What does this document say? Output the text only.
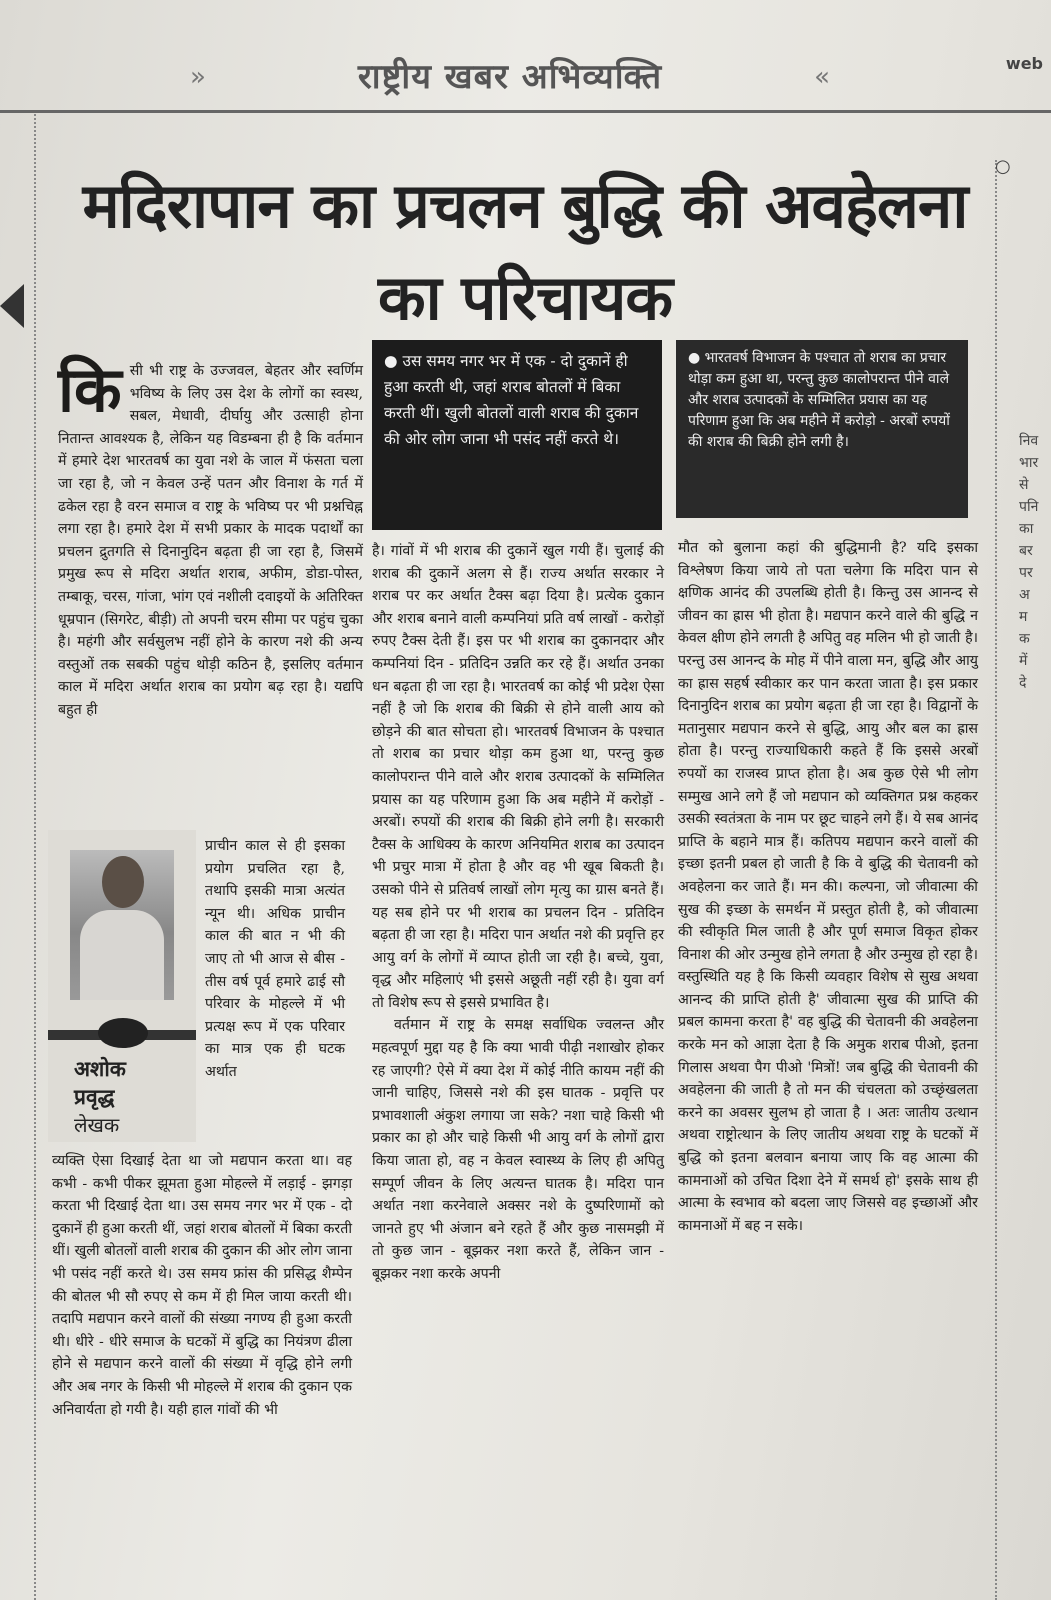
»	राष्ट्रीय खबर अभिव्यक्ति	«	web
○
निव
भार
से
पनि
का
बर
पर
अ
म
क
में
दे
मदिरापान का प्रचलन बुद्धि की अवहेलना का परिचायक
कि सी भी राष्ट्र के उज्जवल, बेहतर और स्वर्णिम भविष्य के लिए उस देश के लोगों का स्वस्थ, सबल, मेधावी, दीर्घायु और उत्साही होना नितान्त आवश्यक है, लेकिन यह विडम्बना ही है कि वर्तमान में हमारे देश भारतवर्ष का युवा नशे के जाल में फंसता चला जा रहा है, जो न केवल उन्हें पतन और विनाश के गर्त में ढकेल रहा है वरन समाज व राष्ट्र के भविष्य पर भी प्रश्नचिह्न लगा रहा है। हमारे देश में सभी प्रकार के मादक पदार्थों का प्रचलन द्रुतगति से दिनानुदिन बढ़ता ही जा रहा है, जिसमें प्रमुख रूप से मदिरा अर्थात शराब, अफीम, डोडा-पोस्त, तम्बाकू, चरस, गांजा, भांग एवं नशीली दवाइयों के अतिरिक्त धूम्रपान (सिगरेट, बीड़ी) तो अपनी चरम सीमा पर पहुंच चुका है। महंगी और सर्वसुलभ नहीं होने के कारण नशे की अन्य वस्तुओं तक सबकी पहुंच थोड़ी कठिन है, इसलिए वर्तमान काल में मदिरा अर्थात शराब का प्रयोग बढ़ रहा है। यद्यपि बहुत ही

अशोक
प्रवृद्ध
लेखक

प्राचीन काल से ही इसका प्रयोग प्रचलित रहा है, तथापि इसकी मात्रा अत्यंत न्यून थी। अधिक प्राचीन काल की बात न भी की जाए तो भी आज से बीस - तीस वर्ष पूर्व हमारे ढाई सौ परिवार के मोहल्ले में भी प्रत्यक्ष रूप में एक परिवार का मात्र एक ही घटक अर्थात

व्यक्ति ऐसा दिखाई देता था जो मद्यपान करता था। वह कभी - कभी पीकर झूमता हुआ मोहल्ले में लड़ाई - झगड़ा करता भी दिखाई देता था। उस समय नगर भर में एक - दो दुकानें ही हुआ करती थीं, जहां शराब बोतलों में बिका करती थीं। खुली बोतलों वाली शराब की दुकान की ओर लोग जाना भी पसंद नहीं करते थे। उस समय फ्रांस की प्रसिद्ध शैम्पेन की बोतल भी सौ रुपए से कम में ही मिल जाया करती थी। तदापि मद्यपान करने वालों की संख्या नगण्य ही हुआ करती थी। धीरे - धीरे समाज के घटकों में बुद्धि का नियंत्रण ढीला होने से मद्यपान करने वालों की संख्या में वृद्धि होने लगी और अब नगर के किसी भी मोहल्ले में शराब की दुकान एक अनिवार्यता हो गयी है। यही हाल गांवों की भी

● उस समय नगर भर में एक - दो दुकानें ही हुआ करती थी, जहां शराब बोतलों में बिका करती थीं। खुली बोतलों वाली शराब की दुकान की ओर लोग जाना भी पसंद नहीं करते थे।
● भारतवर्ष विभाजन के पश्चात तो शराब का प्रचार थोड़ा कम हुआ था, परन्तु कुछ कालोपरान्त पीने वाले और शराब उत्पादकों के सम्मिलित प्रयास का यह परिणाम हुआ कि अब महीने में करोड़ो - अरबों रुपयों की शराब की बिक्री होने लगी है।

है। गांवों में भी शराब की दुकानें खुल गयी हैं। चुलाई की शराब की दुकानें अलग से हैं। राज्य अर्थात सरकार ने शराब पर कर अर्थात टैक्स बढ़ा दिया है। प्रत्येक दुकान और शराब बनाने वाली कम्पनियां प्रति वर्ष लाखों - करोड़ों रुपए टैक्स देती हैं। इस पर भी शराब का दुकानदार और कम्पनियां दिन - प्रतिदिन उन्नति कर रहे हैं। अर्थात उनका धन बढ़ता ही जा रहा है। भारतवर्ष का कोई भी प्रदेश ऐसा नहीं है जो कि शराब की बिक्री से होने वाली आय को छोड़ने की बात सोचता हो। भारतवर्ष विभाजन के पश्चात तो शराब का प्रचार थोड़ा कम हुआ था, परन्तु कुछ कालोपरान्त पीने वाले और शराब उत्पादकों के सम्मिलित प्रयास का यह परिणाम हुआ कि अब महीने में करोड़ों - अरबों। रुपयों की शराब की बिक्री होने लगी है। सरकारी टैक्स के आधिक्य के कारण अनियमित शराब का उत्पादन भी प्रचुर मात्रा में होता है और वह भी खूब बिकती है। उसको पीने से प्रतिवर्ष लाखों लोग मृत्यु का ग्रास बनते हैं। यह सब होने पर भी शराब का प्रचलन दिन - प्रतिदिन बढ़ता ही जा रहा है। मदिरा पान अर्थात नशे की प्रवृत्ति हर आयु वर्ग के लोगों में व्याप्त होती जा रही है। बच्चे, युवा, वृद्ध और महिलाएं भी इससे अछूती नहीं रही है। युवा वर्ग तो विशेष रूप से इससे प्रभावित है।

वर्तमान में राष्ट्र के समक्ष सर्वाधिक ज्वलन्त और महत्वपूर्ण मुद्दा यह है कि क्या भावी पीढ़ी नशाखोर होकर रह जाएगी? ऐसे में क्या देश में कोई नीति कायम नहीं की जानी चाहिए, जिससे नशे की इस घातक - प्रवृत्ति पर प्रभावशाली अंकुश लगाया जा सके? नशा चाहे किसी भी प्रकार का हो और चाहे किसी भी आयु वर्ग के लोगों द्वारा किया जाता हो, वह न केवल स्वास्थ्य के लिए ही अपितु सम्पूर्ण जीवन के लिए अत्यन्त घातक है। मदिरा पान अर्थात नशा करनेवाले अक्सर नशे के दुष्परिणामों को जानते हुए भी अंजान बने रहते हैं और कुछ नासमझी में तो कुछ जान - बूझकर नशा करते हैं, लेकिन जान - बूझकर नशा करके अपनी

मौत को बुलाना कहां की बुद्धिमानी है? यदि इसका विश्लेषण किया जाये तो पता चलेगा कि मदिरा पान से क्षणिक आनंद की उपलब्धि होती है। किन्तु उस आनन्द से जीवन का ह्रास भी होता है। मद्यपान करने वाले की बुद्धि न केवल क्षीण होने लगती है अपितु वह मलिन भी हो जाती है। परन्तु उस आनन्द के मोह में पीने वाला मन, बुद्धि और आयु का ह्रास सहर्ष स्वीकार कर पान करता जाता है। इस प्रकार दिनानुदिन शराब का प्रयोग बढ़ता ही जा रहा है। विद्वानों के मतानुसार मद्यपान करने से बुद्धि, आयु और बल का ह्रास होता है। परन्तु राज्याधिकारी कहते हैं कि इससे अरबों रुपयों का राजस्व प्राप्त होता है। अब कुछ ऐसे भी लोग सम्मुख आने लगे हैं जो मद्यपान को व्यक्तिगत प्रश्न कहकर उसकी स्वतंत्रता के नाम पर छूट चाहने लगे हैं। ये सब आनंद प्राप्ति के बहाने मात्र हैं। कतिपय मद्यपान करने वालों की इच्छा इतनी प्रबल हो जाती है कि वे बुद्धि की चेतावनी को अवहेलना कर जाते हैं। मन की। कल्पना, जो जीवात्मा की सुख की इच्छा के समर्थन में प्रस्तुत होती है, को जीवात्मा की स्वीकृति मिल जाती है और पूर्ण समाज विकृत होकर विनाश की ओर उन्मुख होने लगता है और उन्मुख हो रहा है। वस्तुस्थिति यह है कि किसी व्यवहार विशेष से सुख अथवा आनन्द की प्राप्ति होती है' जीवात्मा सुख की प्राप्ति की प्रबल कामना करता है' वह बुद्धि की चेतावनी की अवहेलना करके मन को आज्ञा देता है कि अमुक शराब पीओ, इतना गिलास अथवा पैग पीओ 'मित्रों! जब बुद्धि की चेतावनी की अवहेलना की जाती है तो मन की चंचलता को उच्छृंखलता करने का अवसर सुलभ हो जाता है । अतः जातीय उत्थान अथवा राष्ट्रोत्थान के लिए जातीय अथवा राष्ट्र के घटकों में बुद्धि को इतना बलवान बनाया जाए कि वह आत्मा की कामनाओं को उचित दिशा देने में समर्थ हो' इसके साथ ही आत्मा के स्वभाव को बदला जाए जिससे वह इच्छाओं और कामनाओं में बह न सके।
